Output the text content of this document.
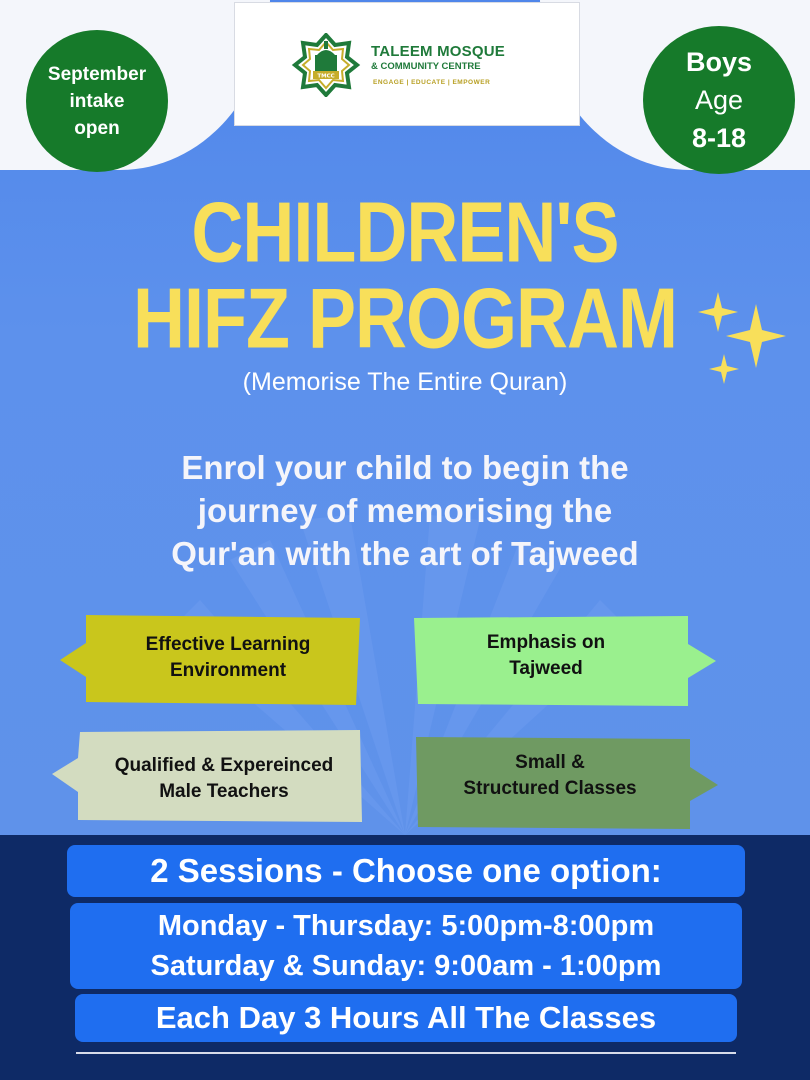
TMCC
TALEEM MOSQUE
& COMMUNITY CENTRE
ENGAGE | EDUCATE | EMPOWER
September
intake
open
Boys
Age
8-18
CHILDREN'S
HIFZ PROGRAM
(Memorise The Entire Quran)
Enrol your child to begin the
journey of memorising the
Qur'an with the art of Tajweed
Effective Learning
Environment
Emphasis on
Tajweed
Qualified & Expereinced
Male Teachers
Small &
Structured Classes
2 Sessions - Choose one option:
Monday - Thursday: 5:00pm-8:00pm
Saturday & Sunday: 9:00am - 1:00pm
Each Day 3 Hours All The Classes
